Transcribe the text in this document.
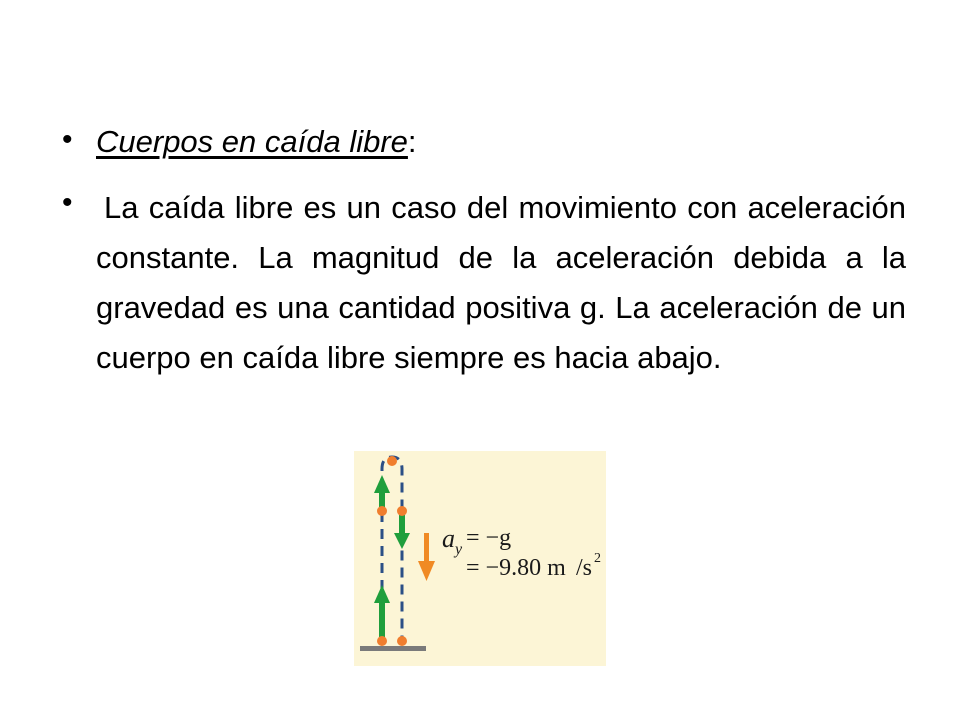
• Cuerpos en caída libre:
• La caída libre es un caso del movimiento con aceleración constante. La magnitud de la aceleración debida a la gravedad es una cantidad positiva g. La aceleración de un cuerpo en caída libre siempre es hacia abajo.
a y = −g
= −9.80 m /s 2
